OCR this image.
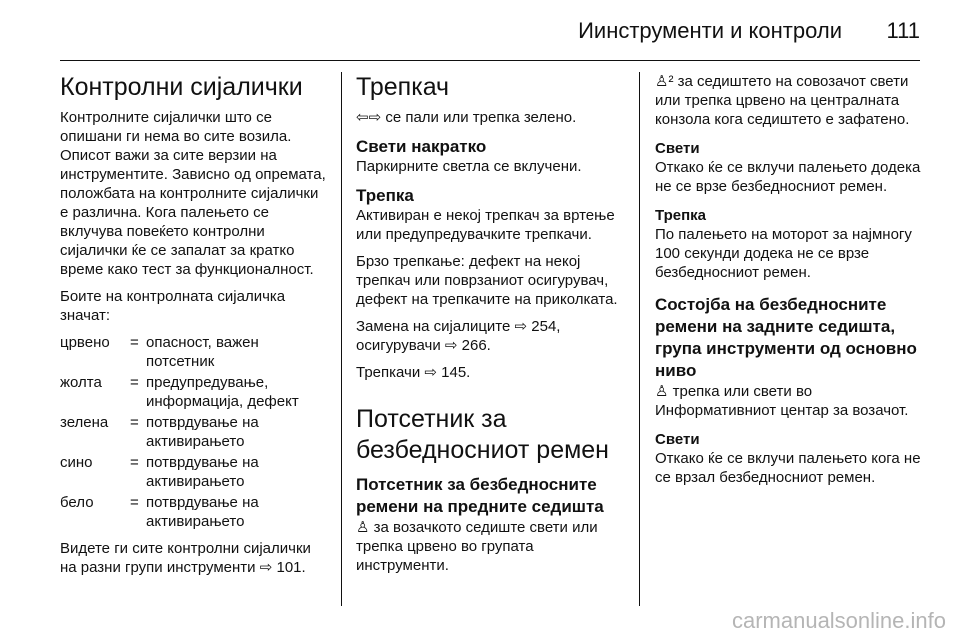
Иинструменти и контроли 111
Контролни сијалички

Контролните сијалички што се опишани ги нема во сите возила. Описот важи за сите верзии на инструментите. Зависно од опремата, положбата на контролните сијалички е различна. Кога палењето се вклучува повеќето контролни сијалички ќе се запалат за кратко време како тест за функционалност.

Боите на контролната сијаличка значат:

црвено	= опасност, важен потсетник
жолта	= предупредување, информација, дефект
зелена	= потврдување на активирањето
сино	= потврдување на активирањето
бело	= потврдување на активирањето

Видете ги сите контролни сијалички на разни групи инструменти ⇨ 101.

Трепкач

⇦⇨ се пали или трепка зелено.

Свети накратко

Паркирните светла се вклучени.

Трепка

Активиран е некој трепкач за вртење или предупредувачките трепкачи.

Брзо трепкање: дефект на некој трепкач или поврзаниот осигурувач, дефект на трепкачите на приколката.

Замена на сијалиците ⇨ 254,
осигурувачи ⇨ 266.

Трепкачи ⇨ 145.

Потсетник за безбедносниот ремен
Потсетник за безбедносните ремени на предните седишта

♙ за возачкото седиште свети или трепка црвено во групата инструменти.

♙² за седиштето на совозачот свети или трепка црвено на централната конзола кога седиштето е зафатено.

Свети

Откако ќе се вклучи палењето додека не се врзе безбедносниот ремен.

Трепка

По палењето на моторот за најмногу 100 секунди додека не се врзе безбедносниот ремен.

Состојба на безбедносните ремени на задните седишта, група инструменти од основно ниво

♙ трепка или свети во Информативниот центар за возачот.

Свети

Откако ќе се вклучи палењето кога не се врзал безбедносниот ремен.

carmanualsonline.info
